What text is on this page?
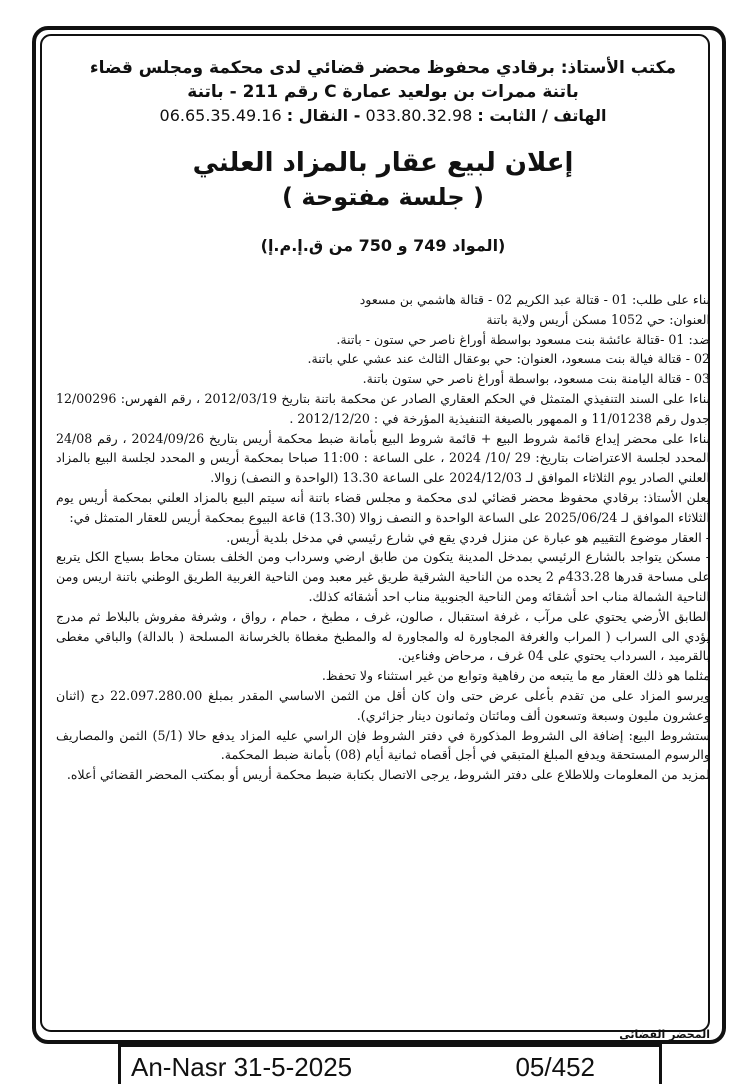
مكتب الأستاذ: برقادي محفوظ محضر قضائي لدى محكمة ومجلس قضاء

باتنة ممرات بن بولعيد عمارة C رقم 211 - باتنة

الهاتف / الثابت : 033.80.32.98 - النقال : 06.65.35.49.16

إعلان لبيع عقار بالمزاد العلني

( جلسة مفتوحة )

(المواد 749 و 750 من ق.إ.م.إ)

بناء على طلب: 01 - قتالة عبد الكريم 02 - قتالة هاشمي بن مسعود

العنوان: حي 1052 مسكن أريس ولاية باتنة

ضد: 01 -قتالة عائشة بنت مسعود بواسطة أوراغ ناصر حي ستون - باتنة.

02 - قتالة فيالة بنت مسعود، العنوان: حي بوعقال الثالث عند عشي علي باتنة.

03 - قتالة اليامنة بنت مسعود، بواسطة أوراغ ناصر حي ستون باتنة.

بناءا على السند التنفيذي المتمثل في الحكم العقاري الصادر عن محكمة باتنة بتاريخ 2012/03/19 ، رقم الفهرس: 12/00296 جدول رقم 11/01238 و الممهور بالصيغة التنفيذية المؤرخة في : 2012/12/20 .

بناءا على محضر إيداع قائمة شروط البيع + قائمة شروط البيع بأمانة ضبط محكمة أريس بتاريخ 2024/09/26 ، رقم 24/08 المحدد لجلسة الاعتراضات بتاريخ: 29 /10/ 2024 ، على الساعة : 11:00 صباحا بمحكمة أريس و المحدد لجلسة البيع بالمزاد العلني الصادر يوم الثلاثاء الموافق لـ 2024/12/03 على الساعة 13.30 (الواحدة و النصف) زوالا.

يعلن الأستاذ: برقادي محفوظ محضر قضائي لدى محكمة و مجلس قضاء باتنة أنه سيتم البيع بالمزاد العلني بمحكمة أريس يوم الثلاثاء الموافق لـ 2025/06/24 على الساعة الواحدة و النصف زوالا (13.30) قاعة البيوع بمحكمة أريس للعقار المتمثل في:

- العقار موضوع التقييم هو عبارة عن منزل فردي يقع في شارع رئيسي في مدخل بلدية أريس.

- مسكن يتواجد بالشارع الرئيسي بمدخل المدينة يتكون من طابق ارضي وسرداب ومن الخلف بستان محاط بسياج الكل يتربع على مساحة قدرها 433.28م 2 يحده من الناحية الشرقية طريق غير معبد ومن الناحية الغربية الطريق الوطني باتنة اريس ومن الناحية الشمالة مناب احد أشقائه ومن الناحية الجنوبية مناب احد أشقائه كذلك.

الطابق الأرضي يحتوي على مرآب ، غرفة استقبال ، صالون، غرف ، مطبخ ، حمام ، رواق ، وشرفة مفروش بالبلاط ثم مدرج يؤدي الى السراب ( المراب والغرفة المجاورة له والمجاورة له والمطبخ مغطاة بالخرسانة المسلحة ( بالدالة) والباقي مغطى بالقرميد ، السرداب يحتوي على 04 غرف ، مرحاض وفناءين.

مثلما هو ذلك العقار مع ما يتبعه من رفاهية وتوابع من غير استثناء ولا تحفظ.

ويرسو المزاد على من تقدم بأعلى عرض حتى وان كان أقل من الثمن الاساسي المقدر بمبلغ 22.097.280.00 دج (اثنان وعشرون مليون وسبعة وتسعون ألف ومائتان وثمانون دينار جزائري).

ستشروط البيع: إضافة الى الشروط المذكورة في دفتر الشروط فإن الراسي عليه المزاد يدفع حالا (5/1) الثمن والمصاريف والرسوم المستحقة ويدفع المبلغ المتبقي في أجل أقصاه ثمانية أيام (08) بأمانة ضبط المحكمة.

لمزيد من المعلومات وللاطلاع على دفتر الشروط، يرجى الاتصال بكتابة ضبط محكمة أريس أو بمكتب المحضر القضائي أعلاه.

المحضر القضائي
An-Nasr 31-5-2025	05/452
